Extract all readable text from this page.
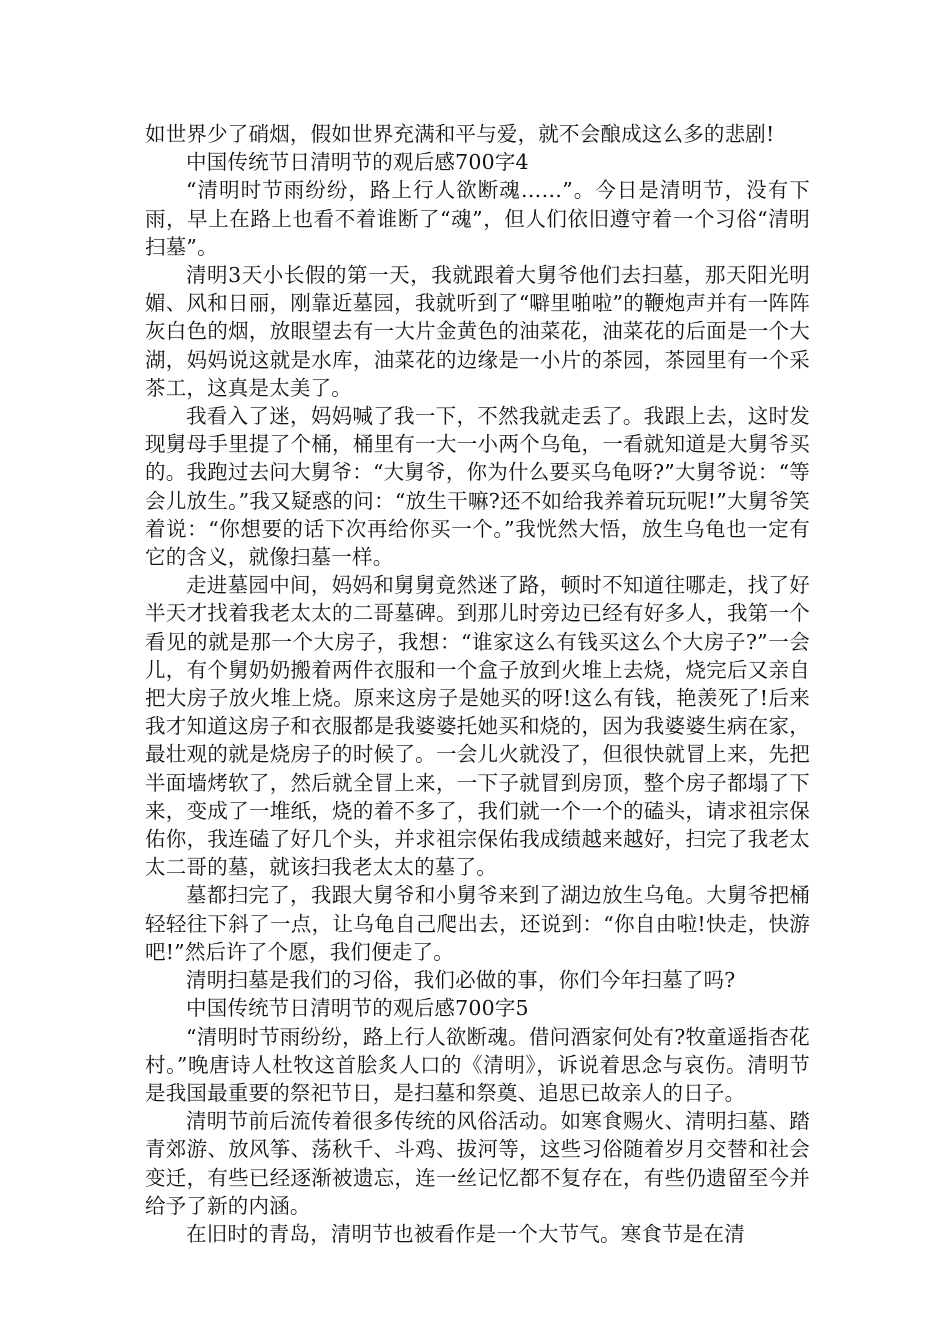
如世界少了硝烟，假如世界充满和平与爱，就不会酿成这么多的悲剧!

中国传统节日清明节的观后感700字4

“清明时节雨纷纷，路上行人欲断魂……”。今日是清明节，没有下雨，早上在路上也看不着谁断了“魂”，但人们依旧遵守着一个习俗“清明扫墓”。

清明3天小长假的第一天，我就跟着大舅爷他们去扫墓，那天阳光明媚、风和日丽，刚靠近墓园，我就听到了“噼里啪啦”的鞭炮声并有一阵阵灰白色的烟，放眼望去有一大片金黄色的油菜花，油菜花的后面是一个大湖，妈妈说这就是水库，油菜花的边缘是一小片的茶园，茶园里有一个采茶工，这真是太美了。

我看入了迷，妈妈喊了我一下，不然我就走丢了。我跟上去，这时发现舅母手里提了个桶，桶里有一大一小两个乌龟，一看就知道是大舅爷买的。我跑过去问大舅爷：“大舅爷，你为什么要买乌龟呀?”大舅爷说：“等会儿放生。”我又疑惑的问：“放生干嘛?还不如给我养着玩玩呢!”大舅爷笑着说：“你想要的话下次再给你买一个。”我恍然大悟，放生乌龟也一定有它的含义，就像扫墓一样。

走进墓园中间，妈妈和舅舅竟然迷了路，顿时不知道往哪走，找了好半天才找着我老太太的二哥墓碑。到那儿时旁边已经有好多人，我第一个看见的就是那一个大房子，我想：“谁家这么有钱买这么个大房子?”一会儿，有个舅奶奶搬着两件衣服和一个盒子放到火堆上去烧，烧完后又亲自把大房子放火堆上烧。原来这房子是她买的呀!这么有钱，艳羡死了!后来我才知道这房子和衣服都是我婆婆托她买和烧的，因为我婆婆生病在家，最壮观的就是烧房子的时候了。一会儿火就没了，但很快就冒上来，先把半面墙烤软了，然后就全冒上来，一下子就冒到房顶，整个房子都塌了下来，变成了一堆纸，烧的着不多了，我们就一个一个的磕头，请求祖宗保佑你，我连磕了好几个头，并求祖宗保佑我成绩越来越好，扫完了我老太太二哥的墓，就该扫我老太太的墓了。

墓都扫完了，我跟大舅爷和小舅爷来到了湖边放生乌龟。大舅爷把桶轻轻往下斜了一点，让乌龟自己爬出去，还说到：“你自由啦!快走，快游吧!”然后许了个愿，我们便走了。

清明扫墓是我们的习俗，我们必做的事，你们今年扫墓了吗?

中国传统节日清明节的观后感700字5

“清明时节雨纷纷，路上行人欲断魂。借问酒家何处有?牧童遥指杏花村。”晚唐诗人杜牧这首脍炙人口的《清明》，诉说着思念与哀伤。清明节是我国最重要的祭祀节日，是扫墓和祭奠、追思已故亲人的日子。

清明节前后流传着很多传统的风俗活动。如寒食赐火、清明扫墓、踏青郊游、放风筝、荡秋千、斗鸡、拔河等，这些习俗随着岁月交替和社会变迁，有些已经逐渐被遗忘，连一丝记忆都不复存在，有些仍遗留至今并给予了新的内涵。

在旧时的青岛，清明节也被看作是一个大节气。寒食节是在清
